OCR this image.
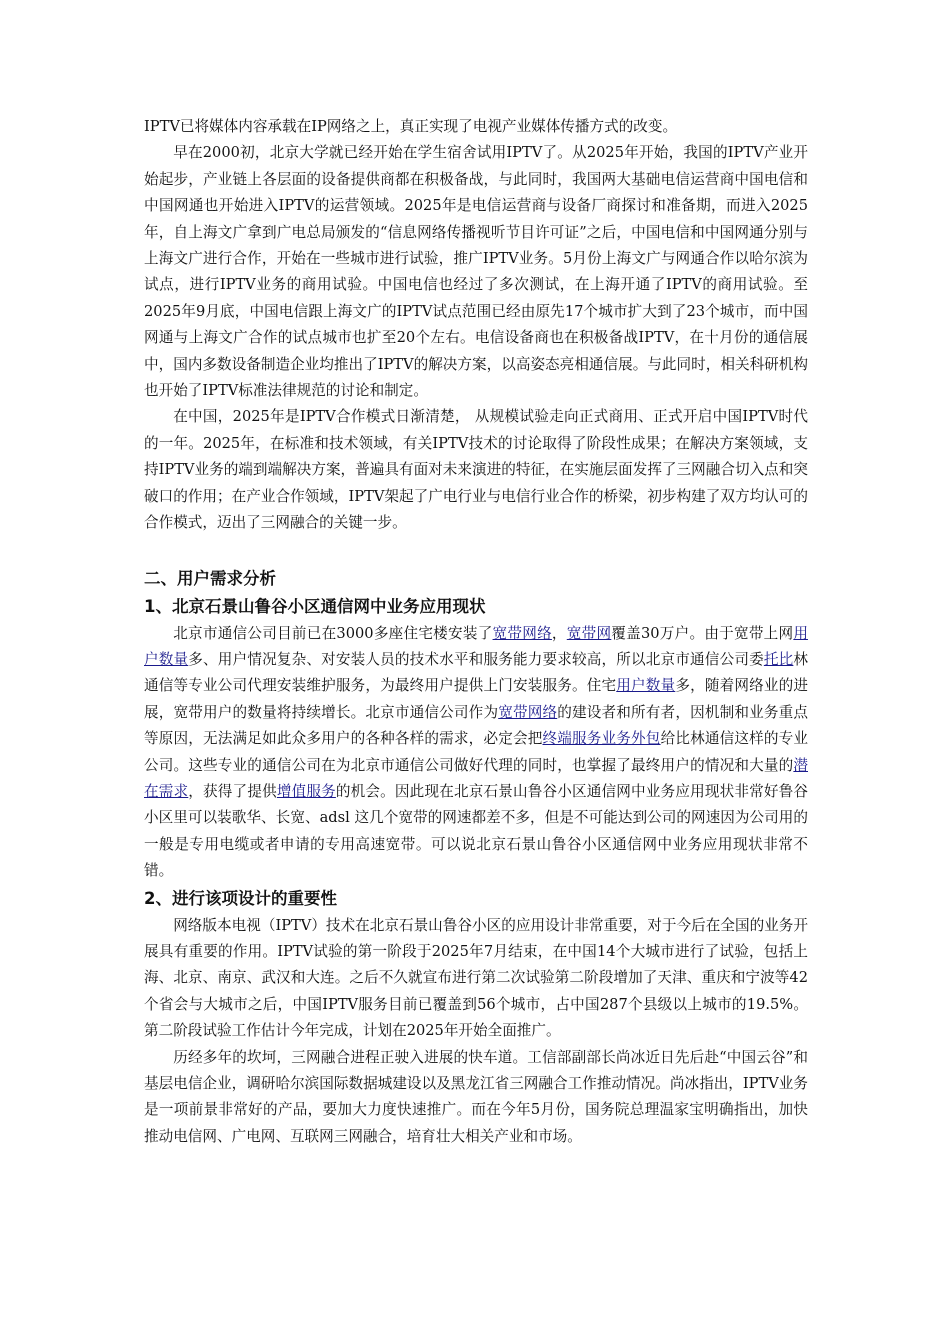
IPTV已将媒体内容承载在IP网络之上，真正实现了电视产业媒体传播方式的改变。

早在2000初，北京大学就已经开始在学生宿舍试用IPTV了。从2025年开始，我国的IPTV产业开始起步，产业链上各层面的设备提供商都在积极备战，与此同时，我国两大基础电信运营商中国电信和中国网通也开始进入IPTV的运营领域。2025年是电信运营商与设备厂商探讨和准备期，而进入2025年，自上海文广拿到广电总局颁发的“信息网络传播视听节目许可证”之后，中国电信和中国网通分别与上海文广进行合作，开始在一些城市进行试验，推广IPTV业务。5月份上海文广与网通合作以哈尔滨为试点，进行IPTV业务的商用试验。中国电信也经过了多次测试，在上海开通了IPTV的商用试验。至2025年9月底，中国电信跟上海文广的IPTV试点范围已经由原先17个城市扩大到了23个城市，而中国网通与上海文广合作的试点城市也扩至20个左右。电信设备商也在积极备战IPTV，在十月份的通信展中，国内多数设备制造企业均推出了IPTV的解决方案，以高姿态亮相通信展。与此同时，相关科研机构也开始了IPTV标准法律规范的讨论和制定。

在中国，2025年是IPTV合作模式日渐清楚， 从规模试验走向正式商用、正式开启中国IPTV时代的一年。2025年，在标准和技术领域，有关IPTV技术的讨论取得了阶段性成果；在解决方案领域，支持IPTV业务的端到端解决方案，普遍具有面对未来演进的特征，在实施层面发挥了三网融合切入点和突破口的作用；在产业合作领域，IPTV架起了广电行业与电信行业合作的桥梁，初步构建了双方均认可的合作模式，迈出了三网融合的关键一步。

二、用户需求分析
1、北京石景山鲁谷小区通信网中业务应用现状

北京市通信公司目前已在3000多座住宅楼安装了宽带网络，宽带网覆盖30万户。由于宽带上网用户数量多、用户情况复杂、对安装人员的技术水平和服务能力要求较高，所以北京市通信公司委托比林通信等专业公司代理安装维护服务，为最终用户提供上门安装服务。住宅用户数量多，随着网络业的进展，宽带用户的数量将持续增长。北京市通信公司作为宽带网络的建设者和所有者，因机制和业务重点等原因，无法满足如此众多用户的各种各样的需求，必定会把终端服务业务外包给比林通信这样的专业公司。这些专业的通信公司在为北京市通信公司做好代理的同时，也掌握了最终用户的情况和大量的潜在需求，获得了提供增值服务的机会。因此现在北京石景山鲁谷小区通信网中业务应用现状非常好鲁谷小区里可以装歌华、长宽、adsl 这几个宽带的网速都差不多，但是不可能达到公司的网速因为公司用的一般是专用电缆或者申请的专用高速宽带。可以说北京石景山鲁谷小区通信网中业务应用现状非常不错。

2、进行该项设计的重要性

网络版本电视（IPTV）技术在北京石景山鲁谷小区的应用设计非常重要，对于今后在全国的业务开展具有重要的作用。IPTV试验的第一阶段于2025年7月结束，在中国14个大城市进行了试验，包括上海、北京、南京、武汉和大连。之后不久就宣布进行第二次试验第二阶段增加了天津、重庆和宁波等42个省会与大城市之后，中国IPTV服务目前已覆盖到56个城市，占中国287个县级以上城市的19.5%。第二阶段试验工作估计今年完成，计划在2025年开始全面推广。

历经多年的坎坷，三网融合进程正驶入进展的快车道。工信部副部长尚冰近日先后赴“中国云谷”和基层电信企业，调研哈尔滨国际数据城建设以及黑龙江省三网融合工作推动情况。尚冰指出，IPTV业务是一项前景非常好的产品，要加大力度快速推广。而在今年5月份，国务院总理温家宝明确指出，加快推动电信网、广电网、互联网三网融合，培育壮大相关产业和市场。
